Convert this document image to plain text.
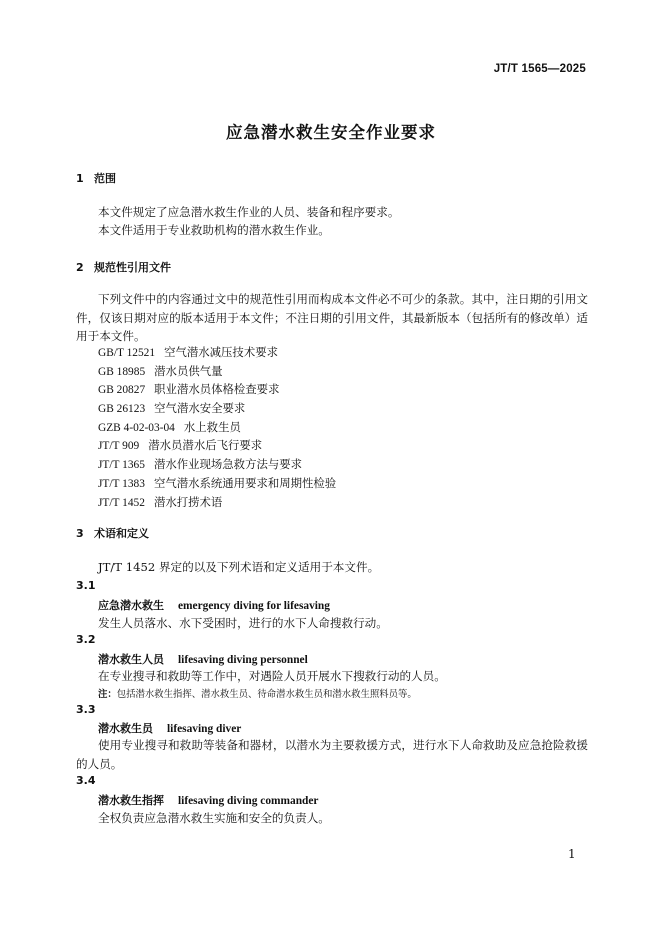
JT/T 1565—2025
应急潜水救生安全作业要求
1 范围
本文件规定了应急潜水救生作业的人员、装备和程序要求。
本文件适用于专业救助机构的潜水救生作业。
2 规范性引用文件
下列文件中的内容通过文中的规范性引用而构成本文件必不可少的条款。其中，注日期的引用文件，仅该日期对应的版本适用于本文件；不注日期的引用文件，其最新版本（包括所有的修改单）适用于本文件。
GB/T 12521 空气潜水减压技术要求
GB 18985 潜水员供气量
GB 20827 职业潜水员体格检查要求
GB 26123 空气潜水安全要求
GZB 4-02-03-04 水上救生员
JT/T 909 潜水员潜水后飞行要求
JT/T 1365 潜水作业现场急救方法与要求
JT/T 1383 空气潜水系统通用要求和周期性检验
JT/T 1452 潜水打捞术语
3 术语和定义
JT/T 1452 界定的以及下列术语和定义适用于本文件。
3.1
应急潜水救生 emergency diving for lifesaving
发生人员落水、水下受困时，进行的水下人命搜救行动。
3.2
潜水救生人员 lifesaving diving personnel
在专业搜寻和救助等工作中，对遇险人员开展水下搜救行动的人员。
注：包括潜水救生指挥、潜水救生员、待命潜水救生员和潜水救生照料员等。
3.3
潜水救生员 lifesaving diver
使用专业搜寻和救助等装备和器材，以潜水为主要救援方式，进行水下人命救助及应急抢险救援的人员。
3.4
潜水救生指挥 lifesaving diving commander
全权负责应急潜水救生实施和安全的负责人。
1
